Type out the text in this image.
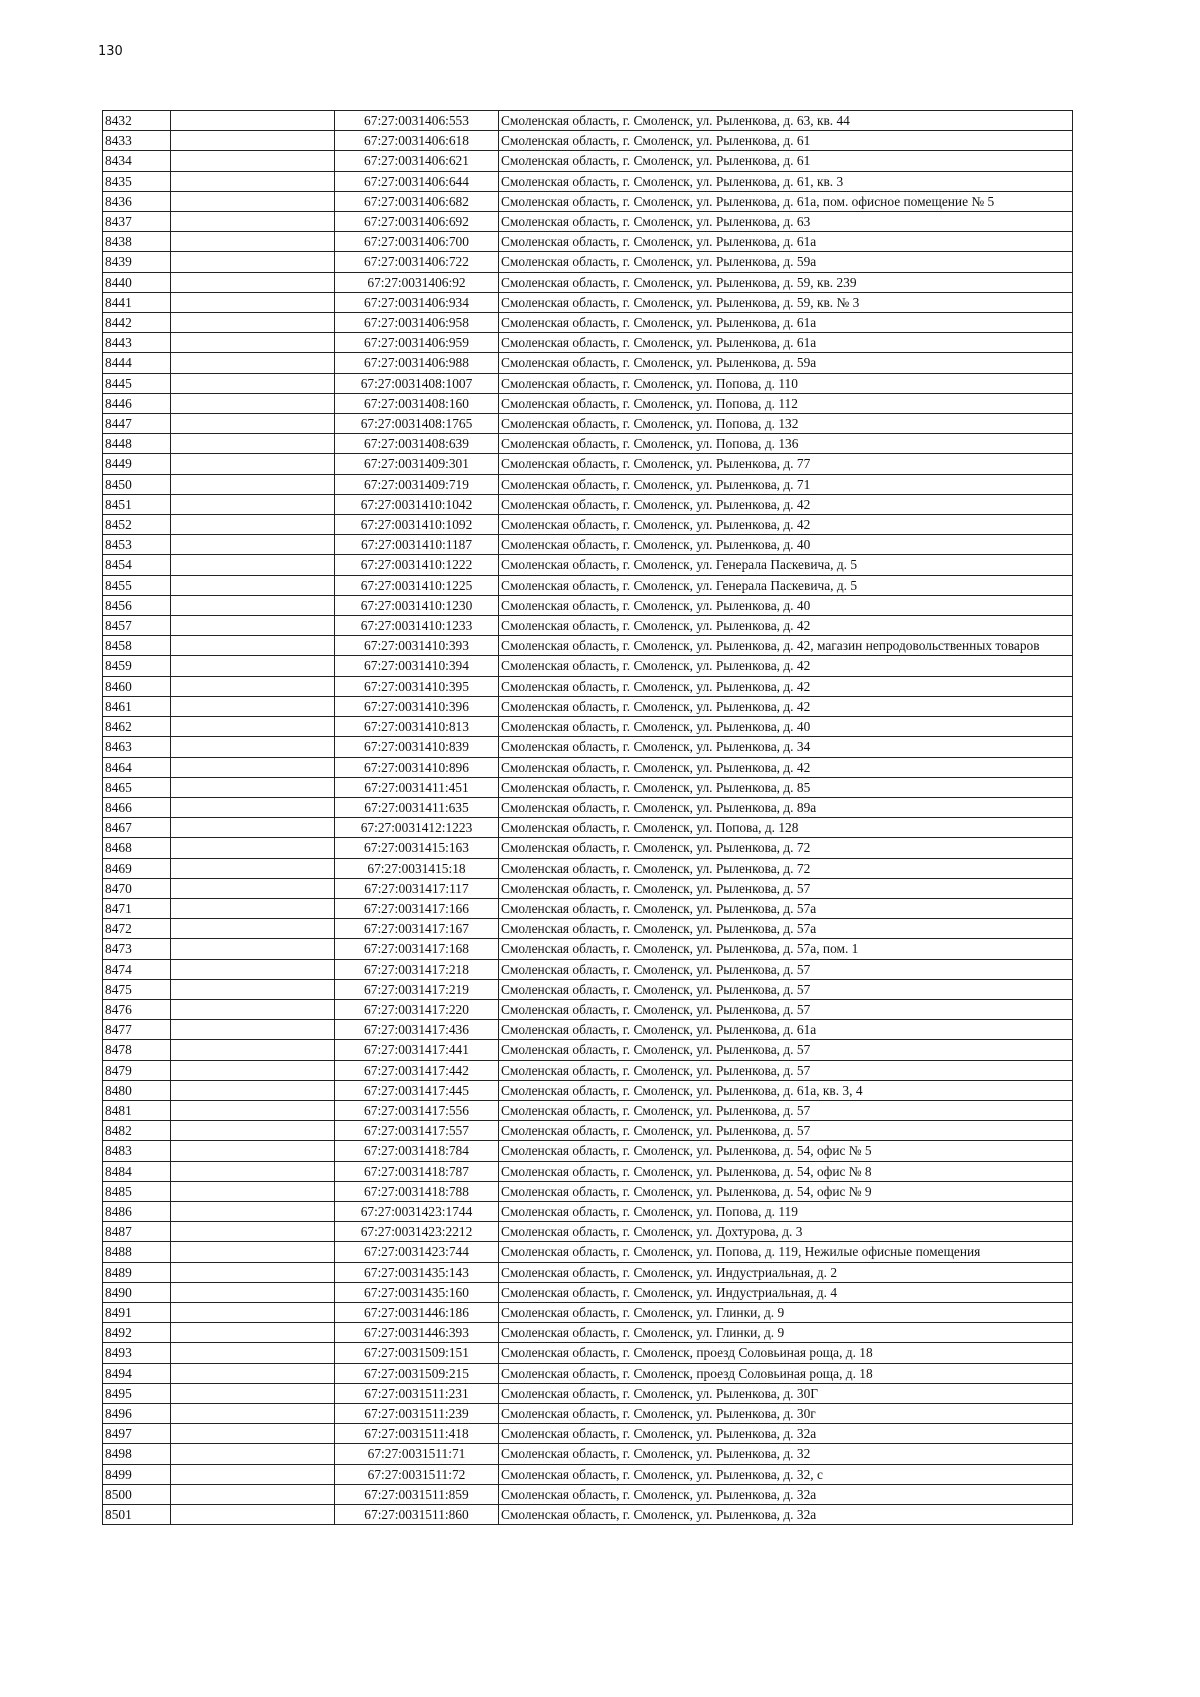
130
8432		67:27:0031406:553	Смоленская область, г. Смоленск, ул. Рыленкова, д. 63, кв. 44
8433		67:27:0031406:618	Смоленская область, г. Смоленск, ул. Рыленкова, д. 61
8434		67:27:0031406:621	Смоленская область, г. Смоленск, ул. Рыленкова, д. 61
8435		67:27:0031406:644	Смоленская область, г. Смоленск, ул. Рыленкова, д. 61, кв. 3
8436		67:27:0031406:682	Смоленская область, г. Смоленск, ул. Рыленкова, д. 61а, пом. офисное помещение № 5
8437		67:27:0031406:692	Смоленская область, г. Смоленск, ул. Рыленкова, д. 63
8438		67:27:0031406:700	Смоленская область, г. Смоленск, ул. Рыленкова, д. 61а
8439		67:27:0031406:722	Смоленская область, г. Смоленск, ул. Рыленкова, д. 59а
8440		67:27:0031406:92	Смоленская область, г. Смоленск, ул. Рыленкова, д. 59, кв. 239
8441		67:27:0031406:934	Смоленская область, г. Смоленск, ул. Рыленкова, д. 59, кв. № 3
8442		67:27:0031406:958	Смоленская область, г. Смоленск, ул. Рыленкова, д. 61а
8443		67:27:0031406:959	Смоленская область, г. Смоленск, ул. Рыленкова, д. 61а
8444		67:27:0031406:988	Смоленская область, г. Смоленск, ул. Рыленкова, д. 59а
8445		67:27:0031408:1007	Смоленская область, г. Смоленск, ул. Попова, д. 110
8446		67:27:0031408:160	Смоленская область, г. Смоленск, ул. Попова, д. 112
8447		67:27:0031408:1765	Смоленская область, г. Смоленск, ул. Попова, д. 132
8448		67:27:0031408:639	Смоленская область, г. Смоленск, ул. Попова, д. 136
8449		67:27:0031409:301	Смоленская область, г. Смоленск, ул. Рыленкова, д. 77
8450		67:27:0031409:719	Смоленская область, г. Смоленск, ул. Рыленкова, д. 71
8451		67:27:0031410:1042	Смоленская область, г. Смоленск, ул. Рыленкова, д. 42
8452		67:27:0031410:1092	Смоленская область, г. Смоленск, ул. Рыленкова, д. 42
8453		67:27:0031410:1187	Смоленская область, г. Смоленск, ул. Рыленкова, д. 40
8454		67:27:0031410:1222	Смоленская область, г. Смоленск, ул. Генерала Паскевича, д. 5
8455		67:27:0031410:1225	Смоленская область, г. Смоленск, ул. Генерала Паскевича, д. 5
8456		67:27:0031410:1230	Смоленская область, г. Смоленск, ул. Рыленкова, д. 40
8457		67:27:0031410:1233	Смоленская область, г. Смоленск, ул. Рыленкова, д. 42
8458		67:27:0031410:393	Смоленская область, г. Смоленск, ул. Рыленкова, д. 42, магазин непродовольственных товаров
8459		67:27:0031410:394	Смоленская область, г. Смоленск, ул. Рыленкова, д. 42
8460		67:27:0031410:395	Смоленская область, г. Смоленск, ул. Рыленкова, д. 42
8461		67:27:0031410:396	Смоленская область, г. Смоленск, ул. Рыленкова, д. 42
8462		67:27:0031410:813	Смоленская область, г. Смоленск, ул. Рыленкова, д. 40
8463		67:27:0031410:839	Смоленская область, г. Смоленск, ул. Рыленкова, д. 34
8464		67:27:0031410:896	Смоленская область, г. Смоленск, ул. Рыленкова, д. 42
8465		67:27:0031411:451	Смоленская область, г. Смоленск, ул. Рыленкова, д. 85
8466		67:27:0031411:635	Смоленская область, г. Смоленск, ул. Рыленкова, д. 89а
8467		67:27:0031412:1223	Смоленская область, г. Смоленск, ул. Попова, д. 128
8468		67:27:0031415:163	Смоленская область, г. Смоленск, ул. Рыленкова, д. 72
8469		67:27:0031415:18	Смоленская область, г. Смоленск, ул. Рыленкова, д. 72
8470		67:27:0031417:117	Смоленская область, г. Смоленск, ул. Рыленкова, д. 57
8471		67:27:0031417:166	Смоленская область, г. Смоленск, ул. Рыленкова, д. 57а
8472		67:27:0031417:167	Смоленская область, г. Смоленск, ул. Рыленкова, д. 57а
8473		67:27:0031417:168	Смоленская область, г. Смоленск, ул. Рыленкова, д. 57а, пом. 1
8474		67:27:0031417:218	Смоленская область, г. Смоленск, ул. Рыленкова, д. 57
8475		67:27:0031417:219	Смоленская область, г. Смоленск, ул. Рыленкова, д. 57
8476		67:27:0031417:220	Смоленская область, г. Смоленск, ул. Рыленкова, д. 57
8477		67:27:0031417:436	Смоленская область, г. Смоленск, ул. Рыленкова, д. 61а
8478		67:27:0031417:441	Смоленская область, г. Смоленск, ул. Рыленкова, д. 57
8479		67:27:0031417:442	Смоленская область, г. Смоленск, ул. Рыленкова, д. 57
8480		67:27:0031417:445	Смоленская область, г. Смоленск, ул. Рыленкова, д. 61а, кв. 3, 4
8481		67:27:0031417:556	Смоленская область, г. Смоленск, ул. Рыленкова, д. 57
8482		67:27:0031417:557	Смоленская область, г. Смоленск, ул. Рыленкова, д. 57
8483		67:27:0031418:784	Смоленская область, г. Смоленск, ул. Рыленкова, д. 54, офис № 5
8484		67:27:0031418:787	Смоленская область, г. Смоленск, ул. Рыленкова, д. 54, офис № 8
8485		67:27:0031418:788	Смоленская область, г. Смоленск, ул. Рыленкова, д. 54, офис № 9
8486		67:27:0031423:1744	Смоленская область, г. Смоленск, ул. Попова, д. 119
8487		67:27:0031423:2212	Смоленская область, г. Смоленск, ул. Дохтурова, д. 3
8488		67:27:0031423:744	Смоленская область, г. Смоленск, ул. Попова, д. 119, Нежилые офисные помещения
8489		67:27:0031435:143	Смоленская область, г. Смоленск, ул. Индустриальная, д. 2
8490		67:27:0031435:160	Смоленская область, г. Смоленск, ул. Индустриальная, д. 4
8491		67:27:0031446:186	Смоленская область, г. Смоленск, ул. Глинки, д. 9
8492		67:27:0031446:393	Смоленская область, г. Смоленск, ул. Глинки, д. 9
8493		67:27:0031509:151	Смоленская область, г. Смоленск, проезд Соловьиная роща, д. 18
8494		67:27:0031509:215	Смоленская область, г. Смоленск, проезд Соловьиная роща, д. 18
8495		67:27:0031511:231	Смоленская область, г. Смоленск, ул. Рыленкова, д. 30Г
8496		67:27:0031511:239	Смоленская область, г. Смоленск, ул. Рыленкова, д. 30г
8497		67:27:0031511:418	Смоленская область, г. Смоленск, ул. Рыленкова, д. 32а
8498		67:27:0031511:71	Смоленская область, г. Смоленск, ул. Рыленкова, д. 32
8499		67:27:0031511:72	Смоленская область, г. Смоленск, ул. Рыленкова, д. 32, с
8500		67:27:0031511:859	Смоленская область, г. Смоленск, ул. Рыленкова, д. 32а
8501		67:27:0031511:860	Смоленская область, г. Смоленск, ул. Рыленкова, д. 32а
